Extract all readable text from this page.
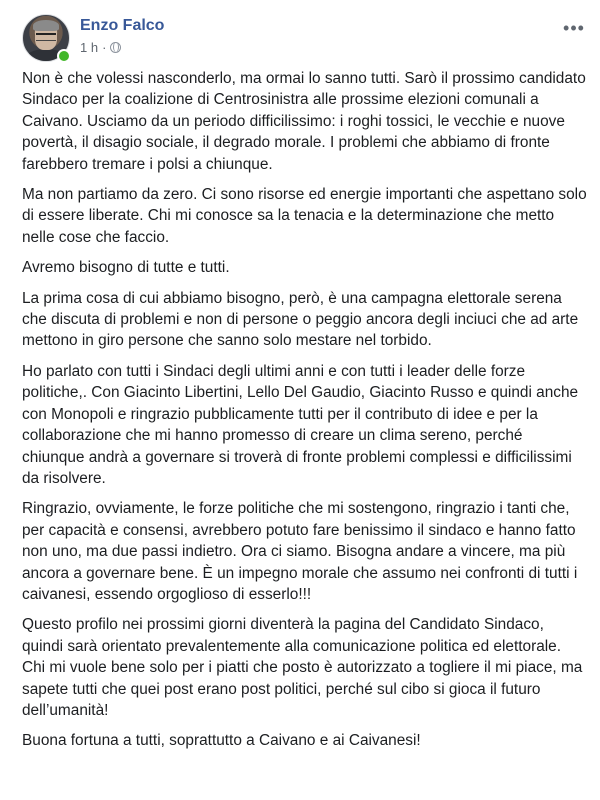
Enzo Falco
1 h ·
•••

Non è che volessi nasconderlo, ma ormai lo sanno tutti. Sarò il prossimo candidato Sindaco per la coalizione di Centrosinistra alle prossime elezioni comunali a Caivano. Usciamo da un periodo difficilissimo: i roghi tossici, le vecchie e nuove povertà, il disagio sociale, il degrado morale. I problemi che abbiamo di fronte farebbero tremare i polsi a chiunque.

Ma non partiamo da zero. Ci sono risorse ed energie importanti che aspettano solo di essere liberate. Chi mi conosce sa la tenacia e la determinazione che metto nelle cose che faccio.

Avremo bisogno di tutte e tutti.

La prima cosa di cui abbiamo bisogno, però, è una campagna elettorale serena che discuta di problemi e non di persone o peggio ancora degli inciuci che ad arte mettono in giro persone che sanno solo mestare nel torbido.

Ho parlato con tutti i Sindaci degli ultimi anni e con tutti i leader delle forze politiche,. Con Giacinto Libertini, Lello Del Gaudio, Giacinto Russo e quindi anche con Monopoli e ringrazio pubblicamente tutti per il contributo di idee e per la collaborazione che mi hanno promesso di creare un clima sereno, perché chiunque andrà a governare si troverà di fronte problemi complessi e difficilissimi da risolvere.

Ringrazio, ovviamente, le forze politiche che mi sostengono, ringrazio i tanti che, per capacità e consensi, avrebbero potuto fare benissimo il sindaco e hanno fatto non uno, ma due passi indietro. Ora ci siamo. Bisogna andare a vincere, ma più ancora a governare bene. È un impegno morale che assumo nei confronti di tutti i caivanesi, essendo orgoglioso di esserlo!!!

Questo profilo nei prossimi giorni diventerà la pagina del Candidato Sindaco, quindi sarà orientato prevalentemente alla comunicazione politica ed elettorale. Chi mi vuole bene solo per i piatti che posto è autorizzato a togliere il mi piace, ma sapete tutti che quei post erano post politici, perché sul cibo si gioca il futuro dell’umanità!

Buona fortuna a tutti, soprattutto a Caivano e ai Caivanesi!
